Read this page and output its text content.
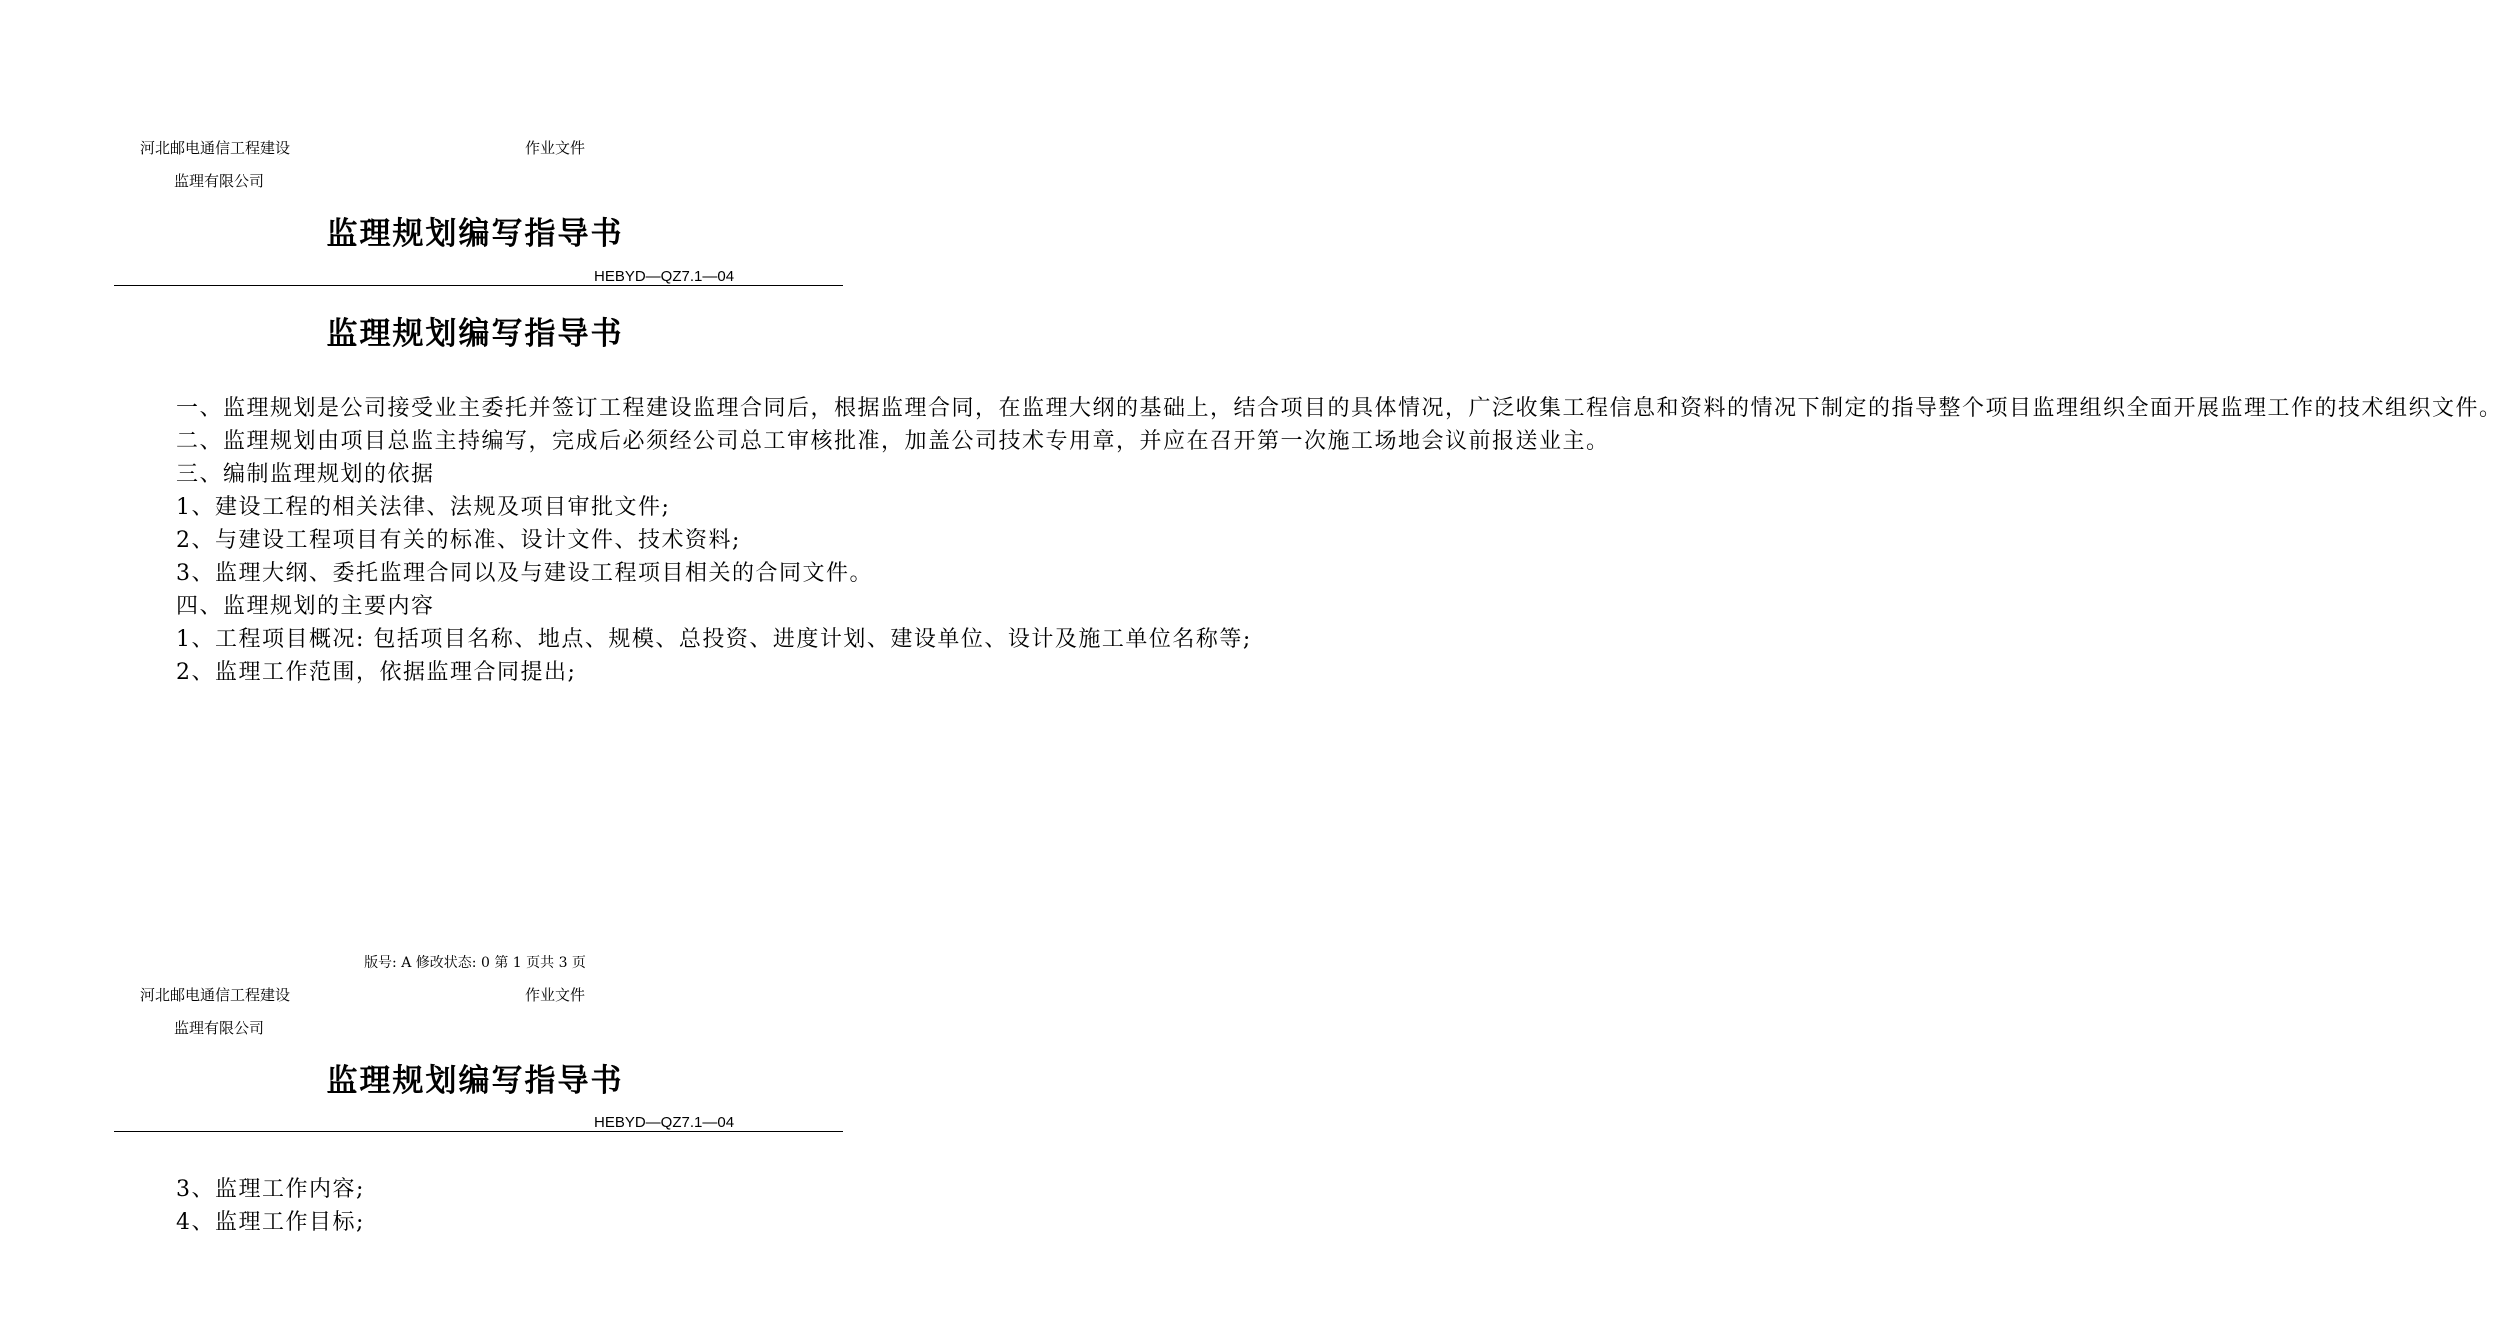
河北邮电通信工程建设	作业文件
监理有限公司
监理规划编写指导书
HEBYD—QZ7.1—04
监理规划编写指导书

一、监理规划是公司接受业主委托并签订工程建设监理合同后，根据监理合同，在监理大纲的基础上，结合项目的具体情况，广泛收集工程信息和资料的情况下制定的指导整个项目监理组织全面开展监理工作的技术组织文件。

二、监理规划由项目总监主持编写，完成后必须经公司总工审核批准，加盖公司技术专用章，并应在召开第一次施工场地会议前报送业主。

三、编制监理规划的依据

1、建设工程的相关法律、法规及项目审批文件;

2、与建设工程项目有关的标准、设计文件、技术资料;

3、监理大纲、委托监理合同以及与建设工程项目相关的合同文件。

四、监理规划的主要内容

1、工程项目概况: 包括项目名称、地点、规模、总投资、进度计划、建设单位、设计及施工单位名称等;

2、监理工作范围，依据监理合同提出;

版号: A 修改状态: 0 第 1 页共 3 页
河北邮电通信工程建设	作业文件
监理有限公司
监理规划编写指导书
HEBYD—QZ7.1—04

3、监理工作内容;

4、监理工作目标;
